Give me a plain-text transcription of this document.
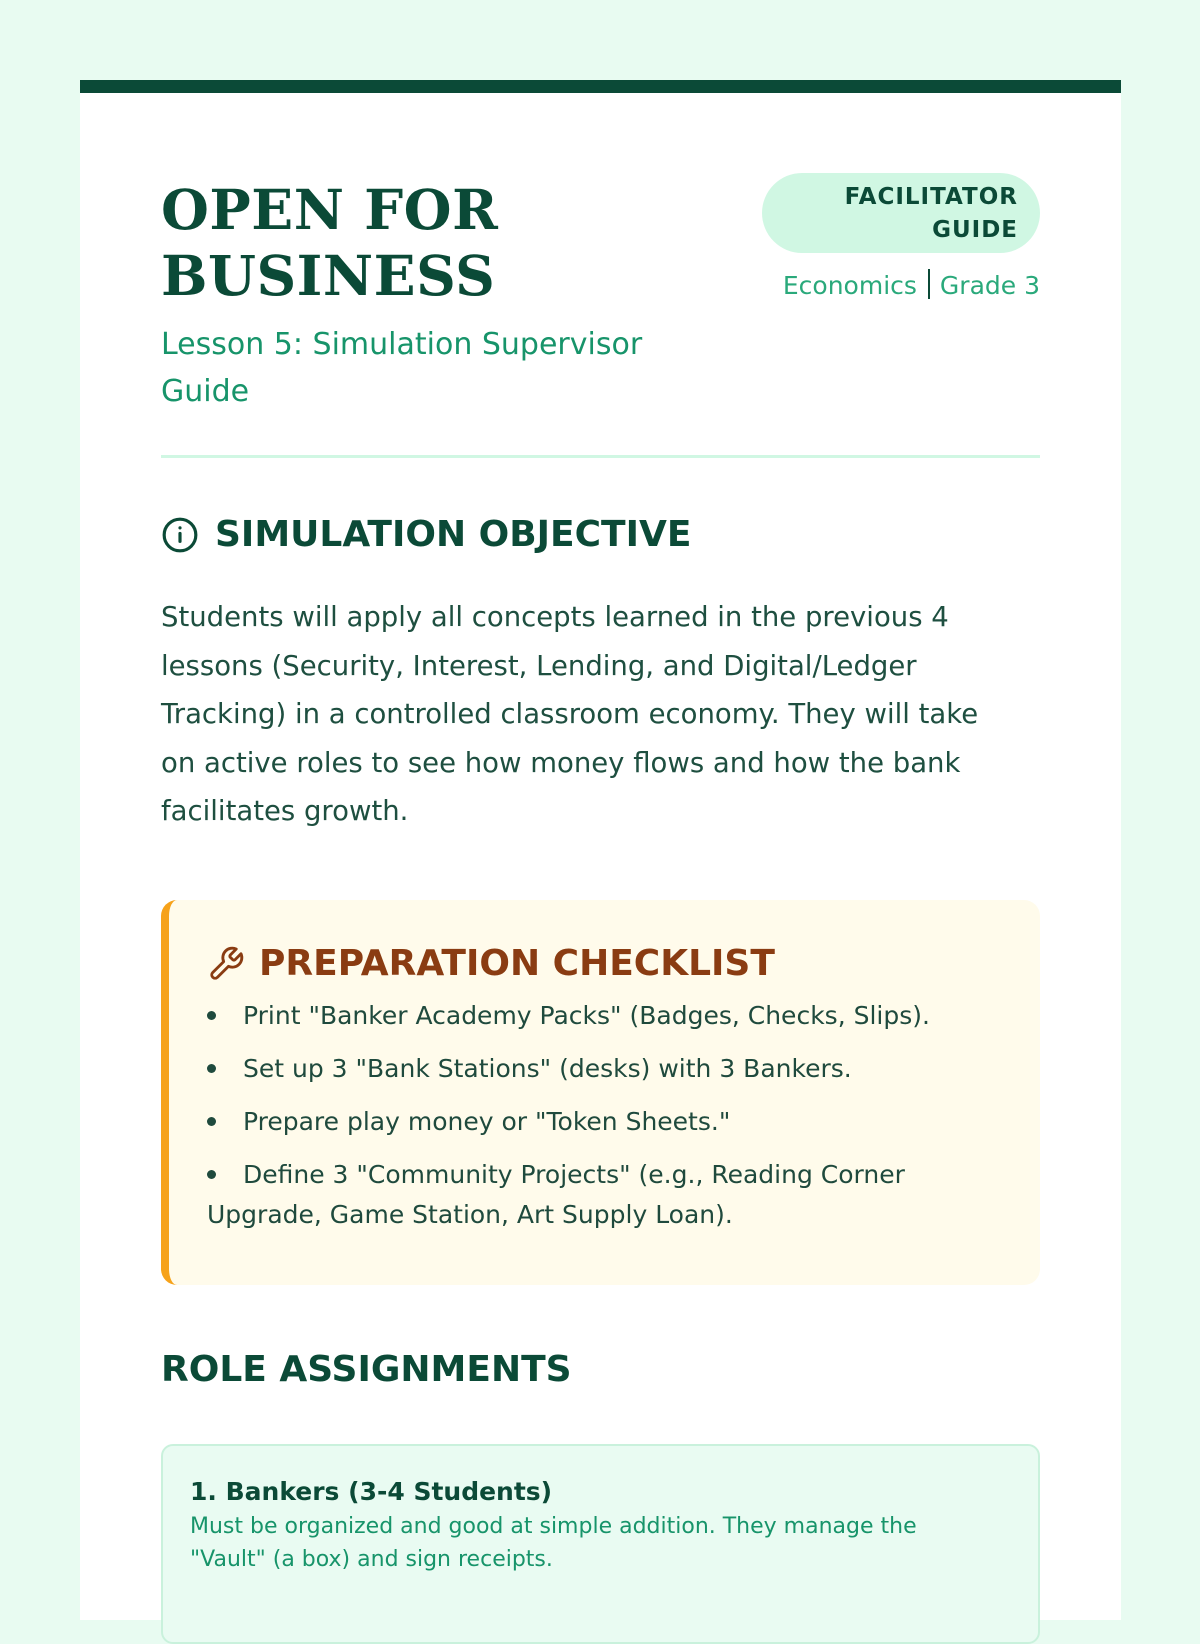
OPEN FOR BUSINESS

Lesson 5: Simulation Supervisor Guide

FACILITATOR GUIDE
Economics Grade 3
SIMULATION OBJECTIVE

Students will apply all concepts learned in the previous 4 lessons (Security, Interest, Lending, and Digital/Ledger Tracking) in a controlled classroom economy. They will take on active roles to see how money flows and how the bank facilitates growth.

PREPARATION CHECKLIST
Print "Banker Academy Packs" (Badges, Checks, Slips).
Set up 3 "Bank Stations" (desks) with 3 Bankers.
Prepare play money or "Token Sheets."
Define 3 "Community Projects" (e.g., Reading Corner Upgrade, Game Station, Art Supply Loan).
ROLE ASSIGNMENTS

1. Bankers (3-4 Students)

Must be organized and good at simple addition. They manage the "Vault" (a box) and sign receipts.
